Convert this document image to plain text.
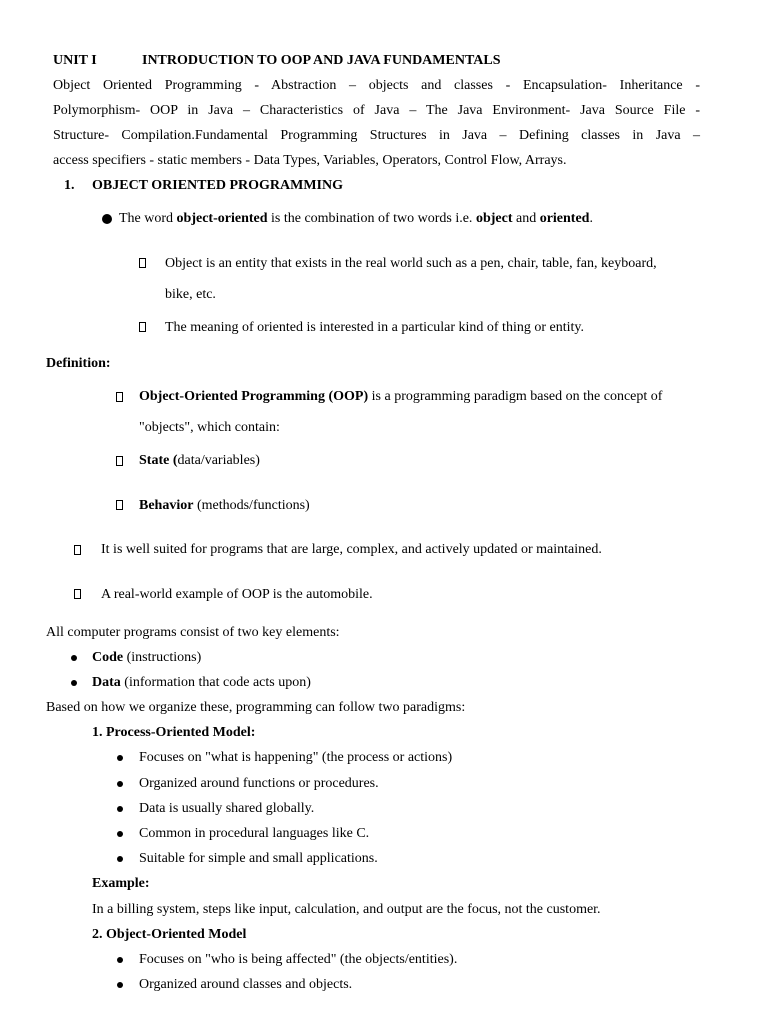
UNIT I	INTRODUCTION TO OOP AND JAVA FUNDAMENTALS
Object Oriented Programming - Abstraction – objects and classes - Encapsulation- Inheritance -
Polymorphism- OOP in Java – Characteristics of Java – The Java Environment- Java Source File -
Structure- Compilation.Fundamental Programming Structures in Java – Defining classes in Java –
access specifiers - static members - Data Types, Variables, Operators, Control Flow, Arrays.
1. OBJECT ORIENTED PROGRAMMING
The word object-oriented is the combination of two words i.e. object and oriented.
Object is an entity that exists in the real world such as a pen, chair, table, fan, keyboard,
bike, etc.
The meaning of oriented is interested in a particular kind of thing or entity.
Definition:
Object-Oriented Programming (OOP) is a programming paradigm based on the concept of
"objects", which contain:
State (data/variables)
Behavior (methods/functions)
It is well suited for programs that are large, complex, and actively updated or maintained.
A real-world example of OOP is the automobile.
All computer programs consist of two key elements:
Code (instructions)
Data (information that code acts upon)
Based on how we organize these, programming can follow two paradigms:
1. Process-Oriented Model:
Focuses on "what is happening" (the process or actions)
Organized around functions or procedures.
Data is usually shared globally.
Common in procedural languages like C.
Suitable for simple and small applications.
Example:
In a billing system, steps like input, calculation, and output are the focus, not the customer.
2. Object-Oriented Model
Focuses on "who is being affected" (the objects/entities).
Organized around classes and objects.
